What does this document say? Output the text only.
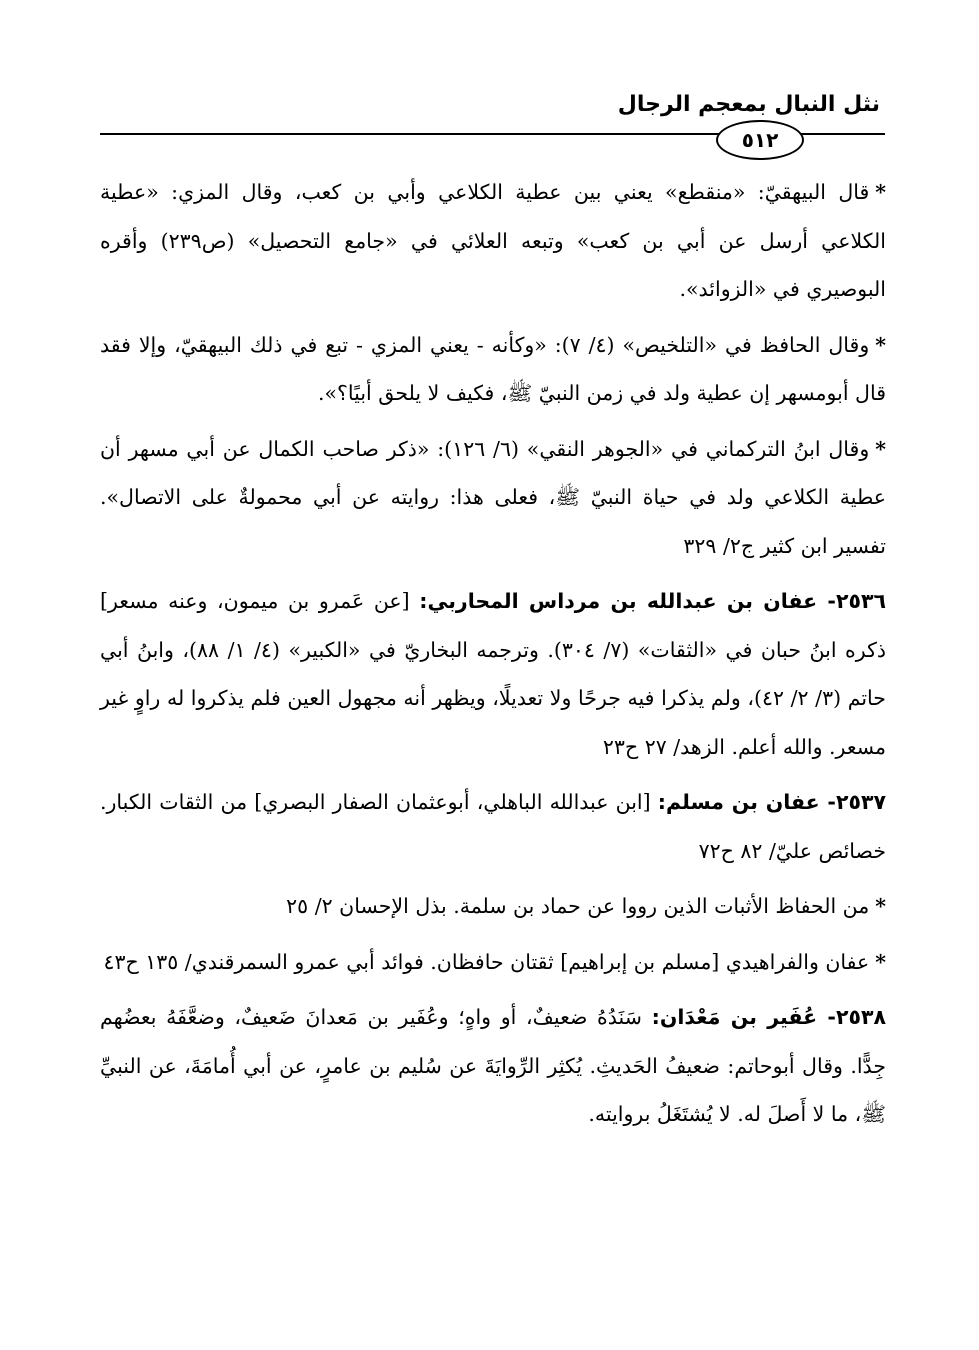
نثل النبال بمعجم الرجال
٥١٢

*قال البيهقيّ: «منقطع» يعني بين عطية الكلاعي وأبي بن كعب، وقال المزي: «عطية الكلاعي أرسل عن أبي بن كعب» وتبعه العلائي في «جامع التحصيل» (ص٢٣٩) وأقره البوصيري في «الزوائد».

*وقال الحافظ في «التلخيص» (٤/ ٧): «وكأنه - يعني المزي - تبع في ذلك البيهقيّ، وإلا فقد قال أبومسهر إن عطية ولد في زمن النبيّ ﷺ، فكيف لا يلحق أبيًا؟».

*وقال ابنُ التركماني في «الجوهر النقي» (٦/ ١٢٦): «ذكر صاحب الكمال عن أبي مسهر أن عطية الكلاعي ولد في حياة النبيّ ﷺ، فعلى هذا: روايته عن أبي محمولةٌ على الاتصال». تفسير ابن كثير ج٢/ ٣٢٩

٢٥٣٦- عفان بن عبدالله بن مرداس المحاربي: [عن عَمرو بن ميمون، وعنه مسعر] ذكره ابنُ حبان في «الثقات» (٧/ ٣٠٤). وترجمه البخاريّ في «الكبير» (٤/ ١/ ٨٨)، وابنُ أبي حاتم (٣/ ٢/ ٤٢)، ولم يذكرا فيه جرحًا ولا تعديلًا، ويظهر أنه مجهول العين فلم يذكروا له راوٍ غير مسعر. والله أعلم. الزهد/ ٢٧ ح٢٣

٢٥٣٧- عفان بن مسلم: [ابن عبدالله الباهلي، أبوعثمان الصفار البصري] من الثقات الكبار. خصائص عليّ/ ٨٢ ح٧٢

*من الحفاظ الأثبات الذين رووا عن حماد بن سلمة. بذل الإحسان ٢/ ٢٥

*عفان والفراهيدي [مسلم بن إبراهيم] ثقتان حافظان. فوائد أبي عمرو السمرقندي/ ١٣٥ ح٤٣

٢٥٣٨- عُفَير بن مَعْدَان: سَنَدُهُ ضعيفٌ، أو واهٍ؛ وعُفَير بن مَعدانَ ضَعيفٌ، وضعَّفَهُ بعضُهم جِدًّا. وقال أبوحاتم: ضعيفُ الحَديثِ. يُكثِر الرِّوايَةَ عن سُليم بن عامرٍ، عن أبي أُمامَةَ، عن النبيِّ ﷺ، ما لا أَصلَ له. لا يُشتَغَلُ بروايته.
